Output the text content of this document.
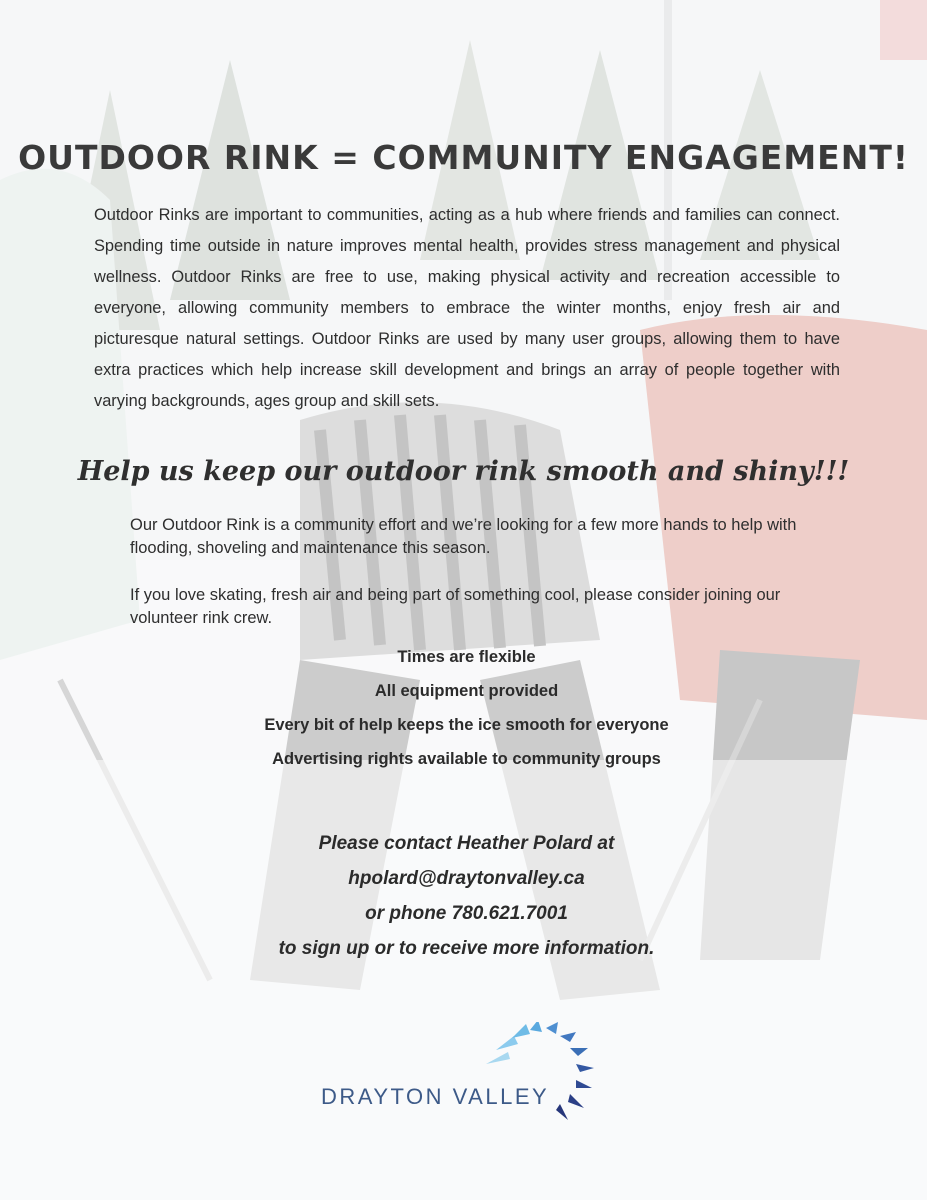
OUTDOOR RINK = COMMUNITY ENGAGEMENT!

Outdoor Rinks are important to communities, acting as a hub where friends and families can connect. Spending time outside in nature improves mental health, provides stress management and physical wellness. Outdoor Rinks are free to use, making physical activity and recreation accessible to everyone, allowing community members to embrace the winter months, enjoy fresh air and picturesque natural settings. Outdoor Rinks are used by many user groups, allowing them to have extra practices which help increase skill development and brings an array of people together with varying backgrounds, ages group and skill sets.

Help us keep our outdoor rink smooth and shiny!!!

Our Outdoor Rink is a community effort and we’re looking for a few more hands to help with flooding, shoveling and maintenance this season.

If you love skating, fresh air and being part of something cool, please consider joining our volunteer rink crew.

Times are flexible
All equipment provided
Every bit of help keeps the ice smooth for everyone
Advertising rights available to community groups
Please contact Heather Polard at
hpolard@draytonvalley.ca
or phone 780.621.7001
to sign up or to receive more information.
DRAYTON VALLEY
